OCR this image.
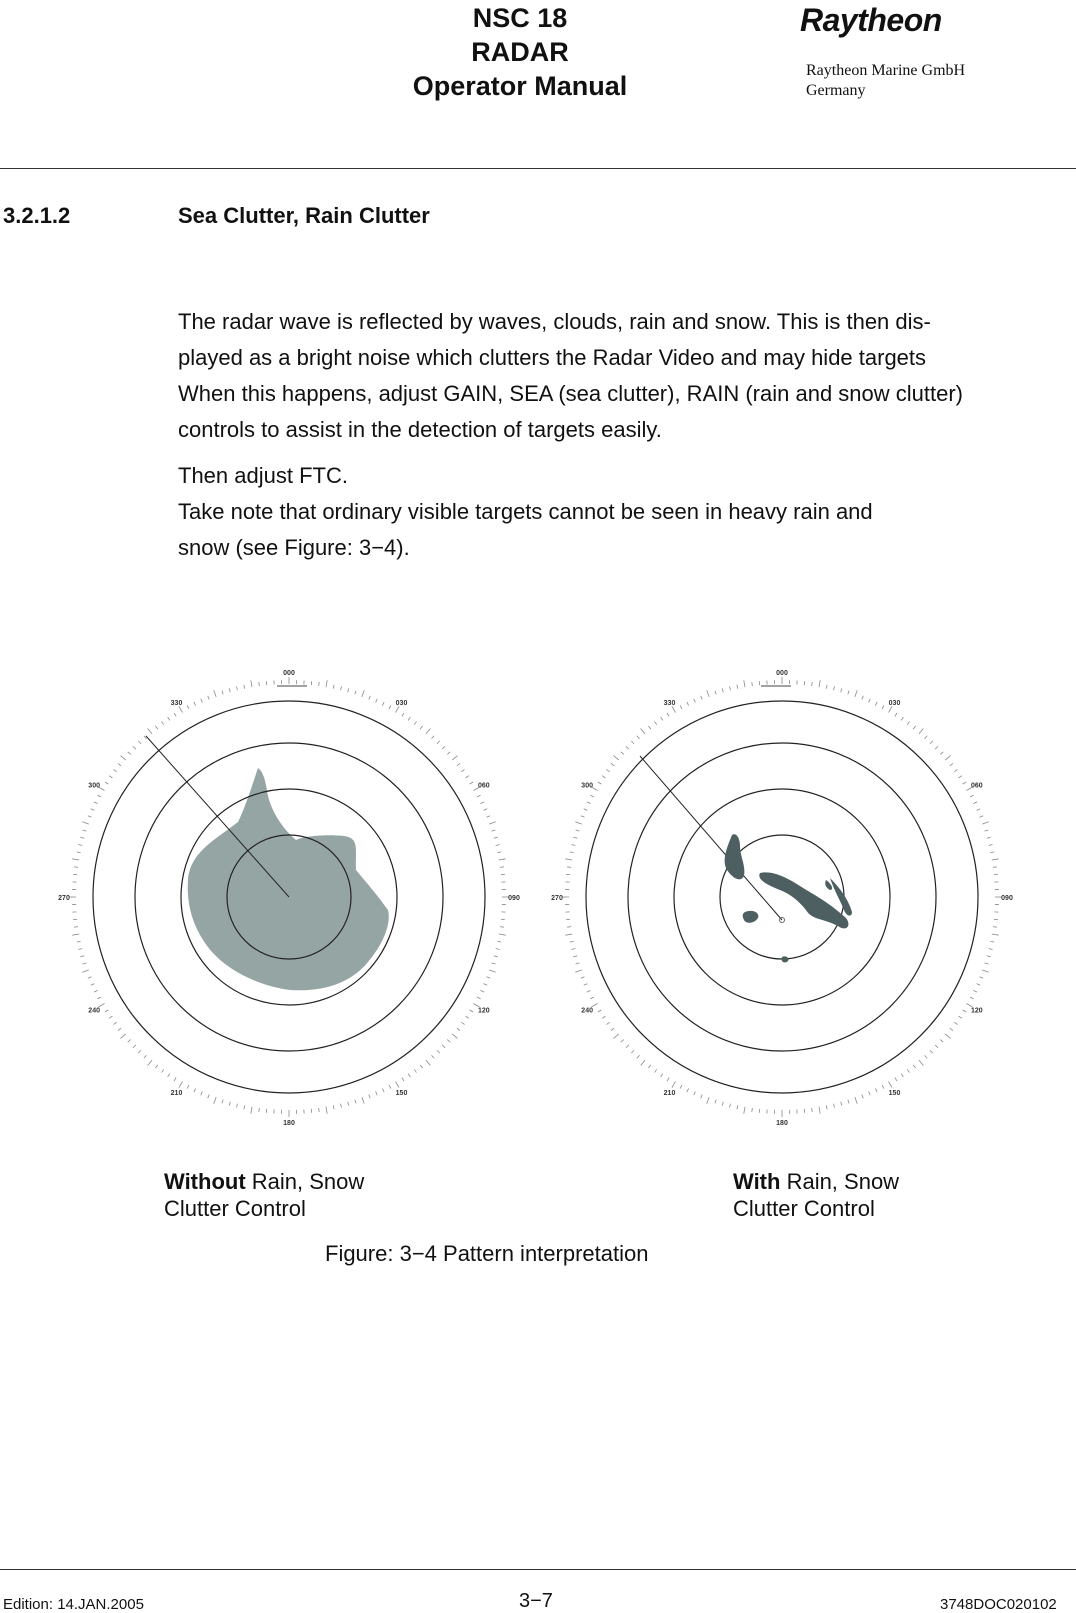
NSC 18
RADAR
Operator Manual
Raytheon
Raytheon Marine GmbH
Germany
3.2.1.2	Sea Clutter, Rain Clutter
The radar wave is reflected by waves, clouds, rain and snow. This is then dis-
played as a bright noise which clutters the Radar Video and may hide targets
When this happens, adjust GAIN, SEA (sea clutter), RAIN (rain and snow clutter)
controls to assist in the detection of targets easily.
Then adjust FTC.
Take note that ordinary visible targets cannot be seen in heavy rain and
snow (see Figure: 3−4).
000
030
060
090
120
150
180
210
240
270
300
330
000
030
060
090
120
150
180
210
240
270
300
330
Without Rain, Snow
Clutter Control
With Rain, Snow
Clutter Control
Figure: 3−4 Pattern interpretation
Edition: 14.JAN.2005	3−7	3748DOC020102
